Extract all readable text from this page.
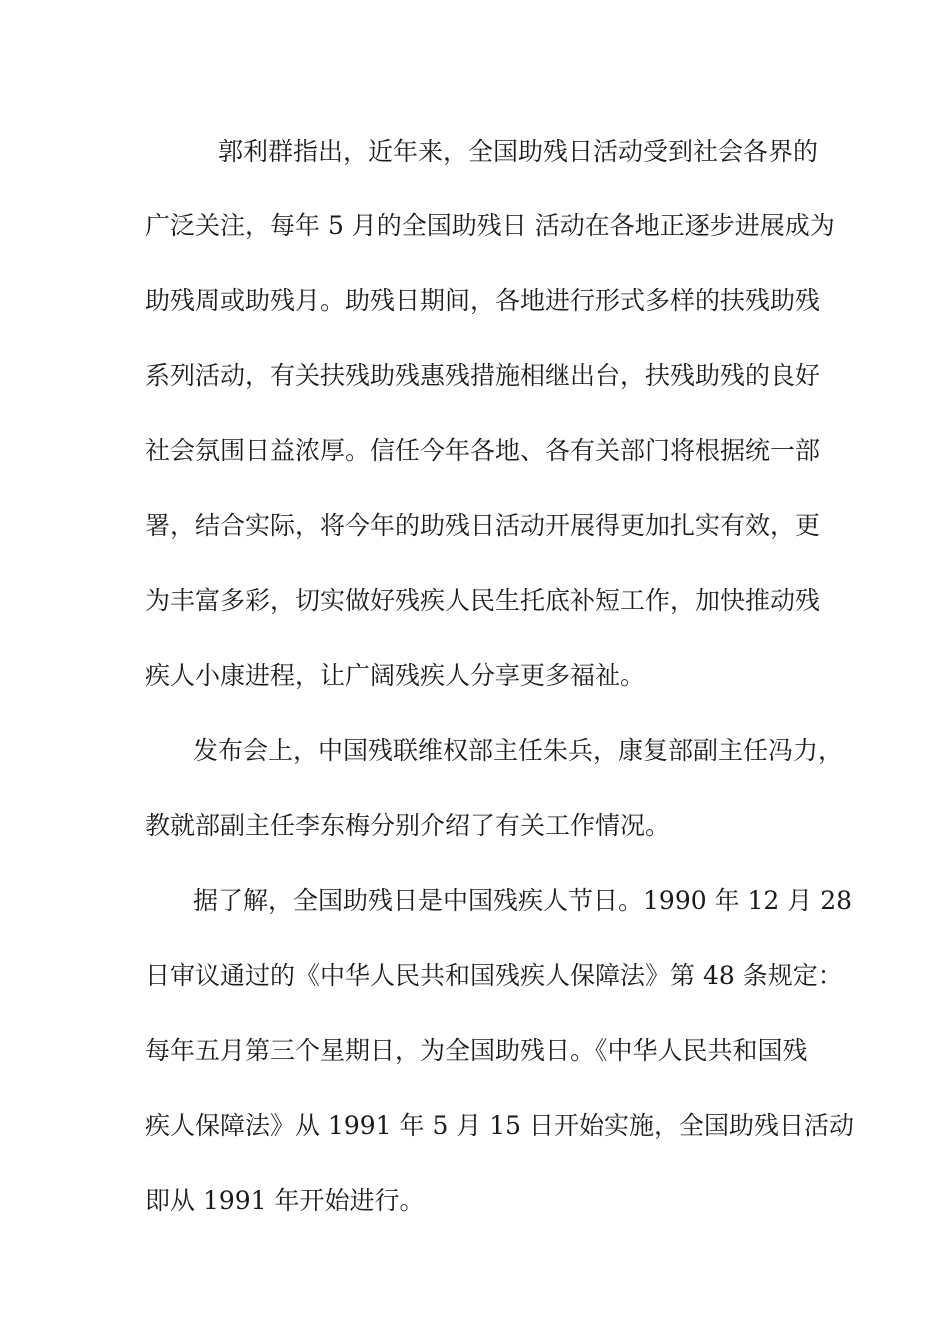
郭利群指出，近年来，全国助残日活动受到社会各界的
广泛关注，每年 5 月的全国助残日 活动在各地正逐步进展成为
助残周或助残月。助残日期间，各地进行形式多样的扶残助残
系列活动，有关扶残助残惠残措施相继出台，扶残助残的良好
社会氛围日益浓厚。信任今年各地、各有关部门将根据统一部
署，结合实际，将今年的助残日活动开展得更加扎实有效，更
为丰富多彩，切实做好残疾人民生托底补短工作，加快推动残
疾人小康进程，让广阔残疾人分享更多福祉。
发布会上，中国残联维权部主任朱兵，康复部副主任冯力，
教就部副主任李东梅分别介绍了有关工作情况。
据了解，全国助残日是中国残疾人节日。1990 年 12 月 28
日审议通过的《中华人民共和国残疾人保障法》第 48 条规定：
每年五月第三个星期日，为全国助残日。《中华人民共和国残
疾人保障法》从 1991 年 5 月 15 日开始实施，全国助残日活动
即从 1991 年开始进行。
